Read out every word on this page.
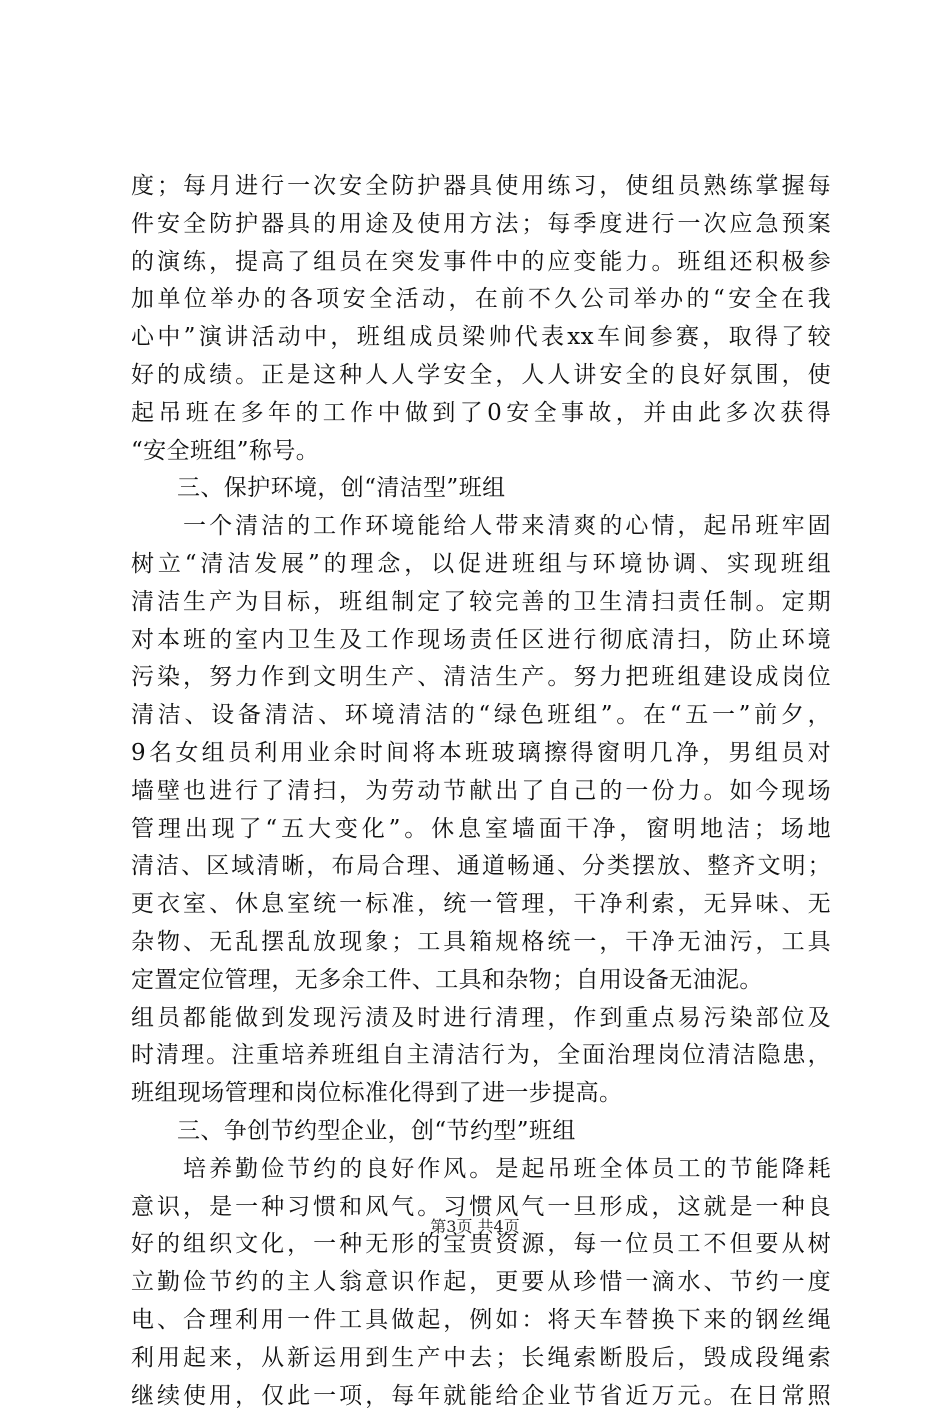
度；每月进行一次安全防护器具使用练习，使组员熟练掌握每
件安全防护器具的用途及使用方法；每季度进行一次应急预案
的演练，提高了组员在突发事件中的应变能力。班组还积极参
加单位举办的各项安全活动，在前不久公司举办的“安全在我
心中”演讲活动中，班组成员梁帅代表xx车间参赛，取得了较
好的成绩。正是这种人人学安全，人人讲安全的良好氛围，使
起吊班在多年的工作中做到了0安全事故，并由此多次获得
“安全班组”称号。
三、保护环境，创“清洁型”班组
　　一个清洁的工作环境能给人带来清爽的心情，起吊班牢固
树立“清洁发展”的理念，以促进班组与环境协调、实现班组
清洁生产为目标，班组制定了较完善的卫生清扫责任制。定期
对本班的室内卫生及工作现场责任区进行彻底清扫，防止环境
污染，努力作到文明生产、清洁生产。努力把班组建设成岗位
清洁、设备清洁、环境清洁的“绿色班组”。在“五一”前夕，
9名女组员利用业余时间将本班玻璃擦得窗明几净，男组员对
墙壁也进行了清扫，为劳动节献出了自己的一份力。如今现场
管理出现了“五大变化”。休息室墙面干净，窗明地洁；场地
清洁、区域清晰，布局合理、通道畅通、分类摆放、整齐文明；
更衣室、休息室统一标准，统一管理，干净利索，无异味、无
杂物、无乱摆乱放现象；工具箱规格统一，干净无油污，工具
定置定位管理，无多余工件、工具和杂物；自用设备无油泥。
组员都能做到发现污渍及时进行清理，作到重点易污染部位及
时清理。注重培养班组自主清洁行为，全面治理岗位清洁隐患，
班组现场管理和岗位标准化得到了进一步提高。
三、争创节约型企业，创“节约型”班组
　　培养勤俭节约的良好作风。是起吊班全体员工的节能降耗
意识，是一种习惯和风气。习惯风气一旦形成，这就是一种良
好的组织文化，一种无形的宝贵资源，每一位员工不但要从树
立勤俭节约的主人翁意识作起，更要从珍惜一滴水、节约一度
电、合理利用一件工具做起，例如：将天车替换下来的钢丝绳
利用起来，从新运用到生产中去；长绳索断股后，毁成段绳索
继续使用，仅此一项，每年就能给企业节省近万元。在日常照
第3页 共4页
